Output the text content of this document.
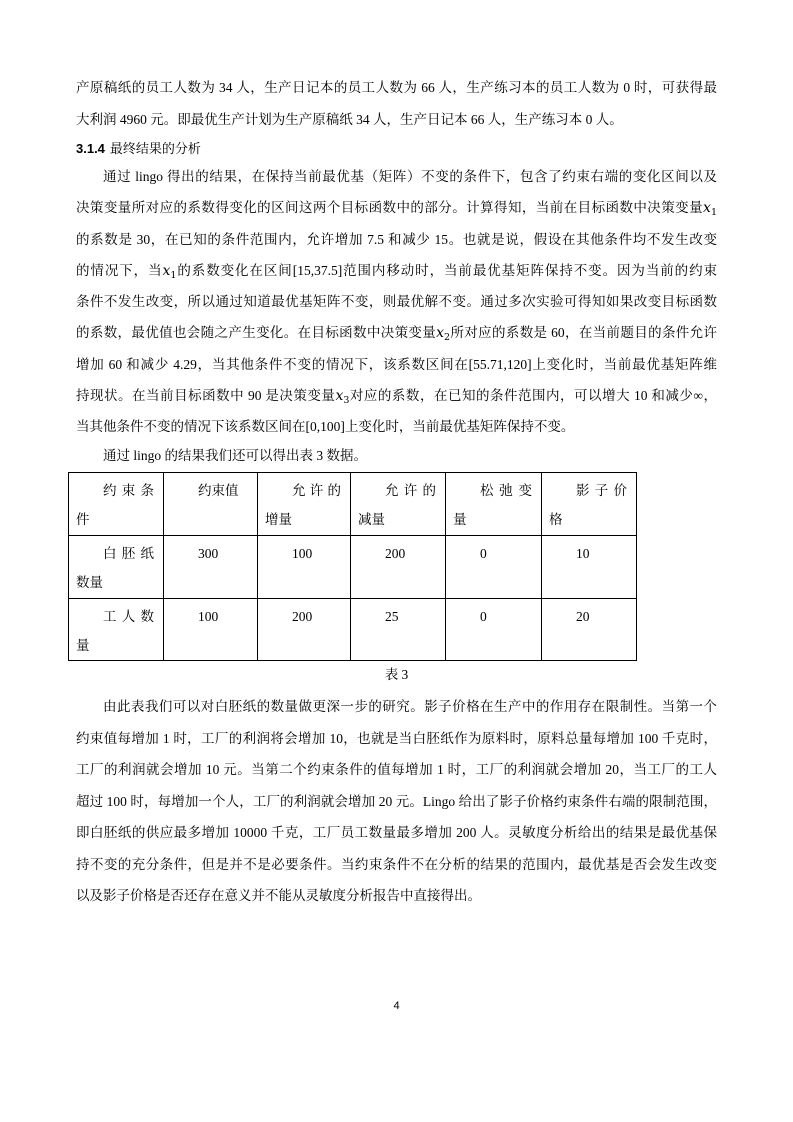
产原稿纸的员工人数为 34 人，生产日记本的员工人数为 66 人，生产练习本的员工人数为 0 时，可获得最
大利润 4960 元。即最优生产计划为生产原稿纸 34 人，生产日记本 66 人，生产练习本 0 人。
3.1.4 最终结果的分析
通过 lingo 得出的结果，在保持当前最优基（矩阵）不变的条件下，包含了约束右端的变化区间以及
决策变量所对应的系数得变化的区间这两个目标函数中的部分。计算得知，当前在目标函数中决策变量$x_1$
的系数是 30，在已知的条件范围内，允许增加 7.5 和减少 15。也就是说，假设在其他条件均不发生改变
的情况下，当$x_1$的系数变化在区间[15,37.5]范围内移动时，当前最优基矩阵保持不变。因为当前的约束
条件不发生改变，所以通过知道最优基矩阵不变，则最优解不变。通过多次实验可得知如果改变目标函数
的系数，最优值也会随之产生变化。在目标函数中决策变量$x_2$所对应的系数是 60，在当前题目的条件允许
增加 60 和减少 4.29，当其他条件不变的情况下，该系数区间在[55.71,120]上变化时，当前最优基矩阵维
持现状。在当前目标函数中 90 是决策变量$x_3$对应的系数，在已知的条件范围内，可以增大 10 和减少∞，
当其他条件不变的情况下该系数区间在[0,100]上变化时，当前最优基矩阵保持不变。
通过 lingo 的结果我们还可以得出表 3 数据。
约束条件	约束值	允许的增量	允许的减量	松弛变量	影子价格
白胚纸数量	300	100	200	0	10
工人数量	100	200	25	0	20
表 3
由此表我们可以对白胚纸的数量做更深一步的研究。影子价格在生产中的作用存在限制性。当第一个
约束值每增加 1 时，工厂的利润将会增加 10，也就是当白胚纸作为原料时，原料总量每增加 100 千克时，
工厂的利润就会增加 10 元。当第二个约束条件的值每增加 1 时，工厂的利润就会增加 20，当工厂的工人
超过 100 时，每增加一个人，工厂的利润就会增加 20 元。Lingo 给出了影子价格约束条件右端的限制范围，
即白胚纸的供应最多增加 10000 千克，工厂员工数量最多增加 200 人。灵敏度分析给出的结果是最优基保
持不变的充分条件，但是并不是必要条件。当约束条件不在分析的结果的范围内，最优基是否会发生改变
以及影子价格是否还存在意义并不能从灵敏度分析报告中直接得出。
4
